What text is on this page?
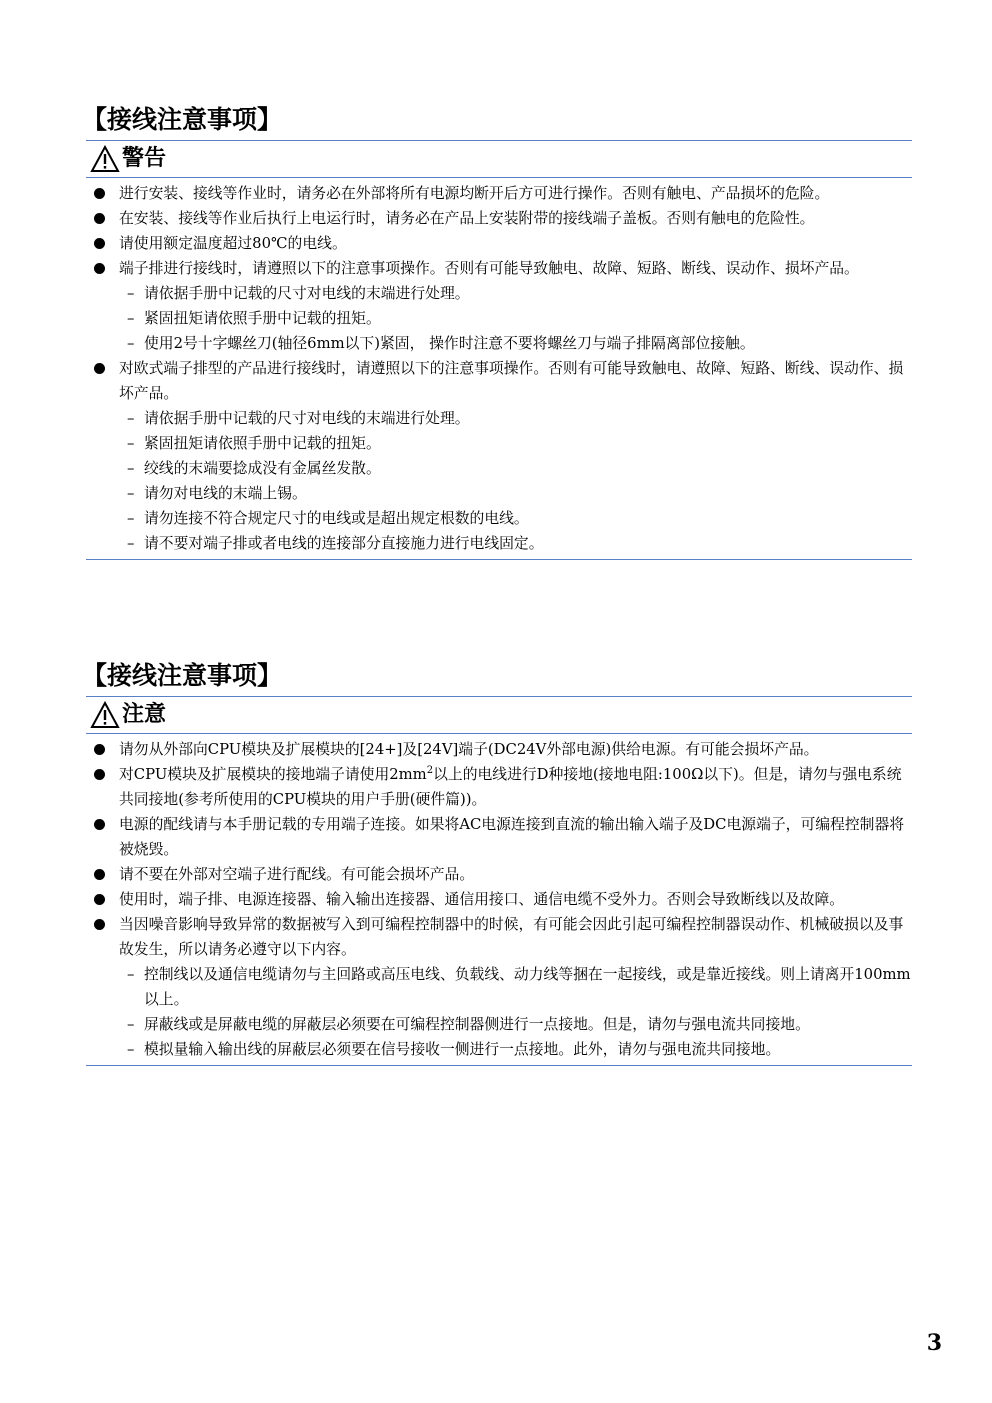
【接线注意事项】
警告
进行安装、接线等作业时，请务必在外部将所有电源均断开后方可进行操作。否则有触电、产品损坏的危险。
在安装、接线等作业后执行上电运行时，请务必在产品上安装附带的接线端子盖板。否则有触电的危险性。
请使用额定温度超过80℃的电线。
端子排进行接线时，请遵照以下的注意事项操作。否则有可能导致触电、故障、短路、断线、误动作、损坏产品。
– 请依据手册中记载的尺寸对电线的末端进行处理。
– 紧固扭矩请依照手册中记载的扭矩。
– 使用2号十字螺丝刀(轴径6mm以下)紧固， 操作时注意不要将螺丝刀与端子排隔离部位接触。
对欧式端子排型的产品进行接线时，请遵照以下的注意事项操作。否则有可能导致触电、故障、短路、断线、误动作、损坏产品。
– 请依据手册中记载的尺寸对电线的末端进行处理。
– 紧固扭矩请依照手册中记载的扭矩。
– 绞线的末端要捻成没有金属丝发散。
– 请勿对电线的末端上锡。
– 请勿连接不符合规定尺寸的电线或是超出规定根数的电线。
– 请不要对端子排或者电线的连接部分直接施力进行电线固定。
【接线注意事项】
注意
请勿从外部向CPU模块及扩展模块的[24+]及[24V]端子(DC24V外部电源)供给电源。有可能会损坏产品。
对CPU模块及扩展模块的接地端子请使用$2mm^2$以上的电线进行D种接地(接地电阻:100Ω以下)。但是，请勿与强电系统共同接地(参考所使用的CPU模块的用户手册(硬件篇))。
电源的配线请与本手册记载的专用端子连接。如果将AC电源连接到直流的输出输入端子及DC电源端子，可编程控制器将被烧毁。
请不要在外部对空端子进行配线。有可能会损坏产品。
使用时，端子排、电源连接器、输入输出连接器、通信用接口、通信电缆不受外力。否则会导致断线以及故障。
当因噪音影响导致异常的数据被写入到可编程控制器中的时候，有可能会因此引起可编程控制器误动作、机械破损以及事故发生，所以请务必遵守以下内容。
– 控制线以及通信电缆请勿与主回路或高压电线、负载线、动力线等捆在一起接线，或是靠近接线。则上请离开100mm以上。
– 屏蔽线或是屏蔽电缆的屏蔽层必须要在可编程控制器侧进行一点接地。但是，请勿与强电流共同接地。
– 模拟量输入输出线的屏蔽层必须要在信号接收一侧进行一点接地。此外，请勿与强电流共同接地。
3
